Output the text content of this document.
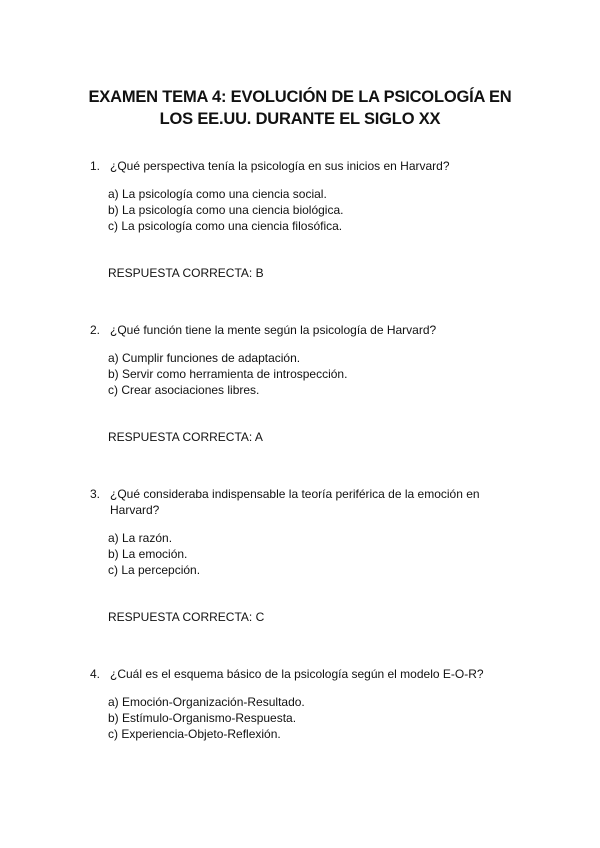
EXAMEN TEMA 4: EVOLUCIÓN DE LA PSICOLOGÍA EN
LOS EE.UU. DURANTE EL SIGLO XX
1. ¿Qué perspectiva tenía la psicología en sus inicios en Harvard?
a) La psicología como una ciencia social.
b) La psicología como una ciencia biológica.
c) La psicología como una ciencia filosófica.
RESPUESTA CORRECTA: B
2. ¿Qué función tiene la mente según la psicología de Harvard?
a) Cumplir funciones de adaptación.
b) Servir como herramienta de introspección.
c) Crear asociaciones libres.
RESPUESTA CORRECTA: A
3. ¿Qué consideraba indispensable la teoría periférica de la emoción en Harvard?
a) La razón.
b) La emoción.
c) La percepción.
RESPUESTA CORRECTA: C
4. ¿Cuál es el esquema básico de la psicología según el modelo E-O-R?
a) Emoción-Organización-Resultado.
b) Estímulo-Organismo-Respuesta.
c) Experiencia-Objeto-Reflexión.
